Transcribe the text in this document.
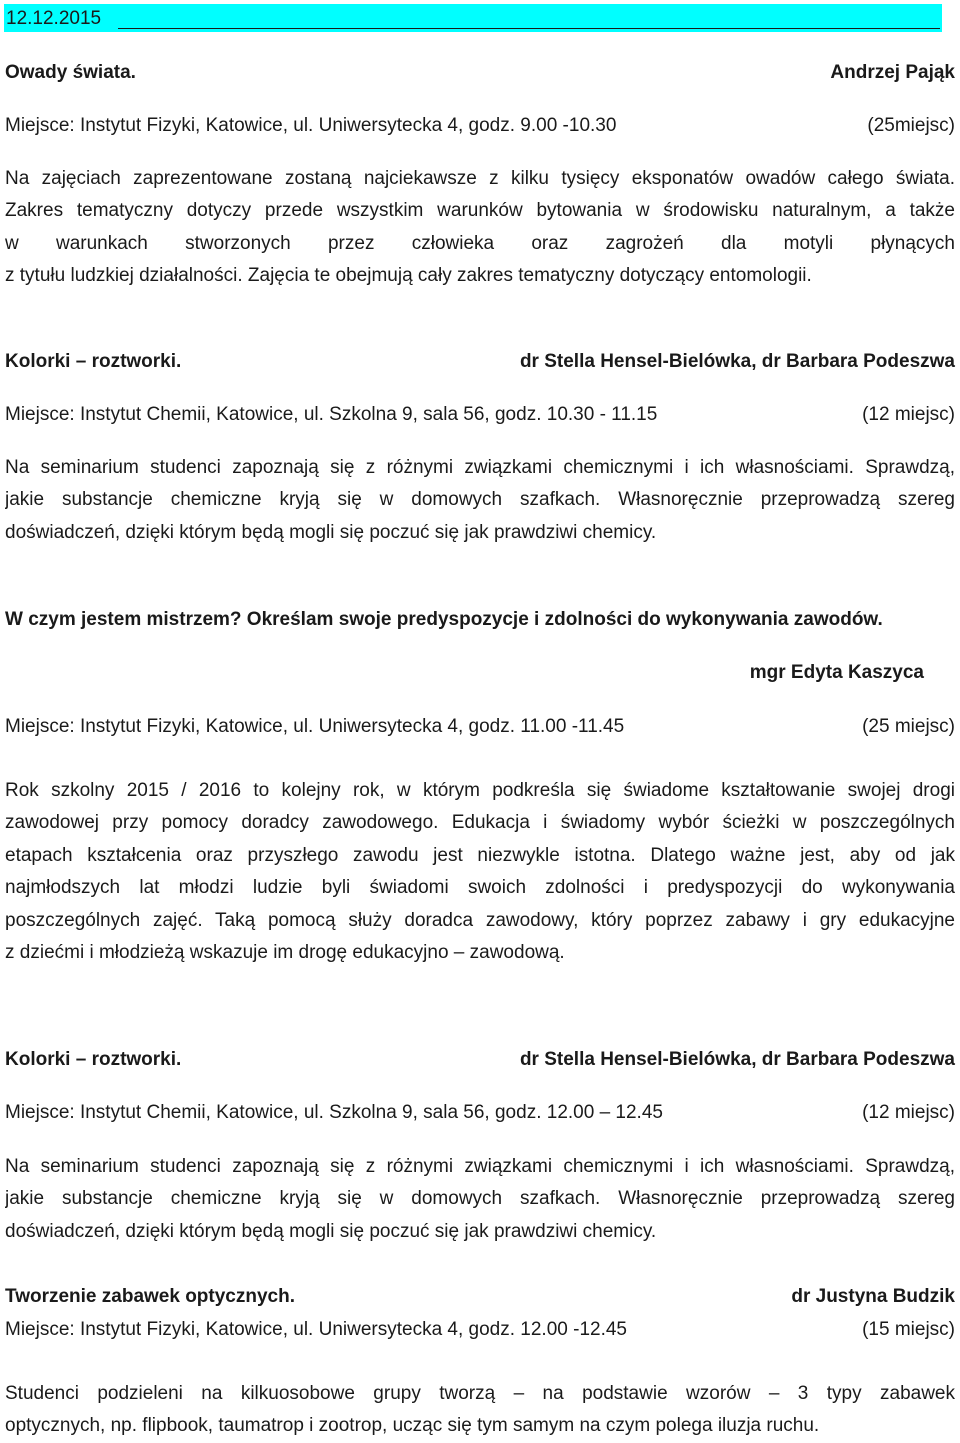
12.12.2015
Owady świata.	Andrzej Pająk
Miejsce: Instytut Fizyki, Katowice, ul. Uniwersytecka 4, godz. 9.00 -10.30	(25miejsc)
Na zajęciach zaprezentowane zostaną najciekawsze z kilku tysięcy eksponatów owadów całego świata.
Zakres tematyczny dotyczy przede wszystkim warunków bytowania w środowisku naturalnym, a także
w warunkach stworzonych przez człowieka oraz zagrożeń dla motyli płynących
z tytułu ludzkiej działalności. Zajęcia te obejmują cały zakres tematyczny dotyczący entomologii.
Kolorki – roztworki.	dr Stella Hensel-Bielówka, dr Barbara Podeszwa
Miejsce: Instytut Chemii, Katowice, ul. Szkolna 9, sala 56, godz. 10.30 - 11.15	(12 miejsc)
Na seminarium studenci zapoznają się z różnymi związkami chemicznymi i ich własnościami. Sprawdzą,
jakie substancje chemiczne kryją się w domowych szafkach. Własnoręcznie przeprowadzą szereg
doświadczeń, dzięki którym będą mogli się poczuć się jak prawdziwi chemicy.
W czym jestem mistrzem? Określam swoje predyspozycje i zdolności do wykonywania zawodów.
mgr Edyta Kaszyca
Miejsce: Instytut Fizyki, Katowice, ul. Uniwersytecka 4, godz. 11.00 -11.45	(25 miejsc)
Rok szkolny 2015 / 2016 to kolejny rok, w którym podkreśla się świadome kształtowanie swojej drogi
zawodowej przy pomocy doradcy zawodowego. Edukacja i świadomy wybór ścieżki w poszczególnych
etapach kształcenia oraz przyszłego zawodu jest niezwykle istotna. Dlatego ważne jest, aby od jak
najmłodszych lat młodzi ludzie byli świadomi swoich zdolności i predyspozycji do wykonywania
poszczególnych zajęć. Taką pomocą służy doradca zawodowy, który poprzez zabawy i gry edukacyjne
z dziećmi i młodzieżą wskazuje im drogę edukacyjno – zawodową.
Kolorki – roztworki.	dr Stella Hensel-Bielówka, dr Barbara Podeszwa
Miejsce: Instytut Chemii, Katowice, ul. Szkolna 9, sala 56, godz. 12.00 – 12.45	(12 miejsc)
Na seminarium studenci zapoznają się z różnymi związkami chemicznymi i ich własnościami. Sprawdzą,
jakie substancje chemiczne kryją się w domowych szafkach. Własnoręcznie przeprowadzą szereg
doświadczeń, dzięki którym będą mogli się poczuć się jak prawdziwi chemicy.
Tworzenie zabawek optycznych.	dr Justyna Budzik
Miejsce: Instytut Fizyki, Katowice, ul. Uniwersytecka 4, godz. 12.00 -12.45	(15 miejsc)
Studenci podzieleni na kilkuosobowe grupy tworzą – na podstawie wzorów – 3 typy zabawek
optycznych, np. flipbook, taumatrop i zootrop, ucząc się tym samym na czym polega iluzja ruchu.
